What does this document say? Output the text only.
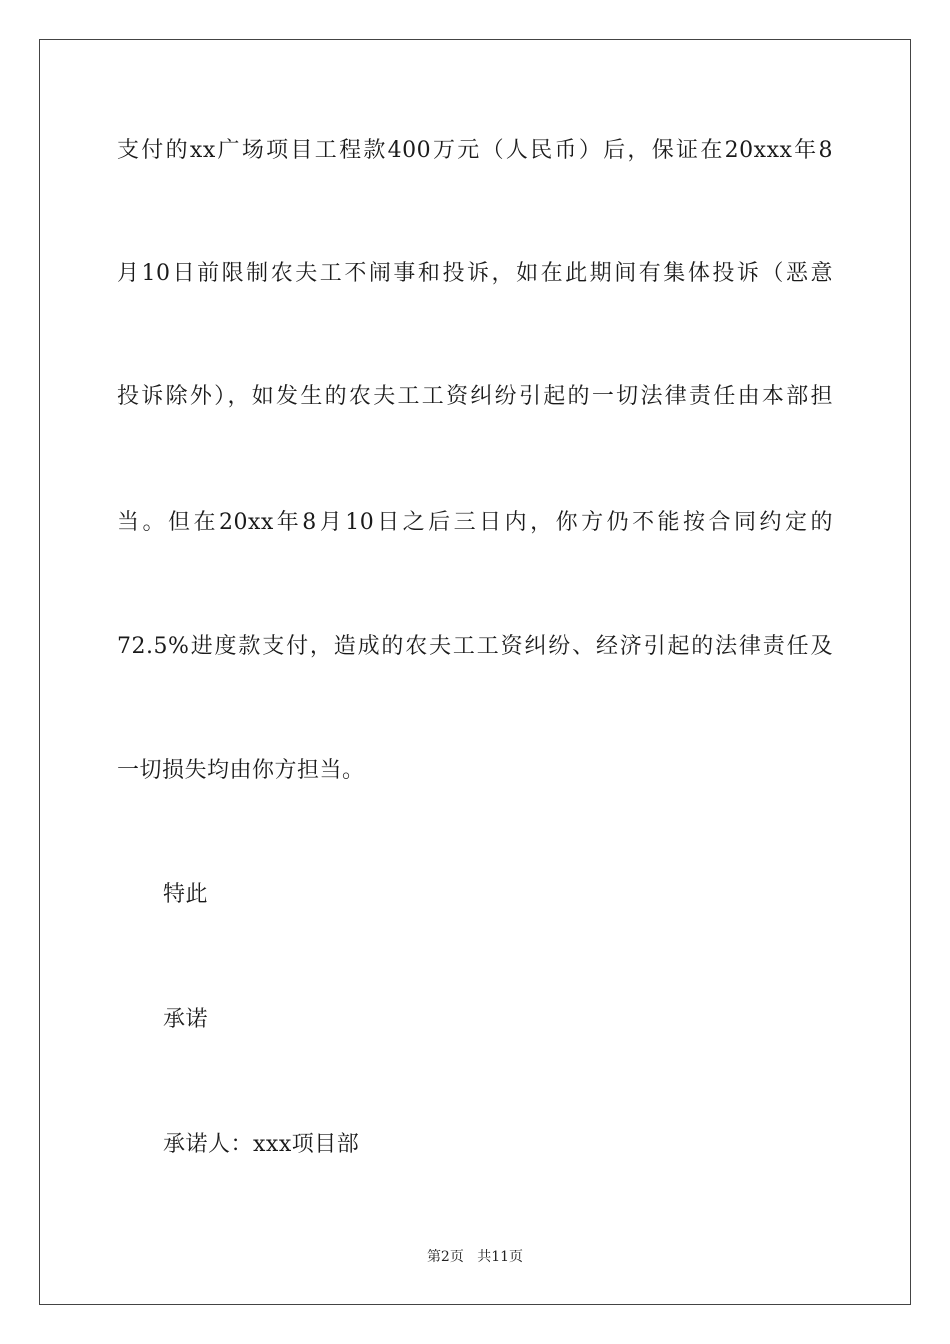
支付的xx广场项目工程款400万元（人民币）后，保证在20xxx年8
月10日前限制农夫工不闹事和投诉，如在此期间有集体投诉（恶意
投诉除外），如发生的农夫工工资纠纷引起的一切法律责任由本部担
当。但在20xx年8月10日之后三日内，你方仍不能按合同约定的
72.5%进度款支付，造成的农夫工工资纠纷、经济引起的法律责任及
一切损失均由你方担当。
特此
承诺
承诺人：xxx项目部
第2页 共11页
